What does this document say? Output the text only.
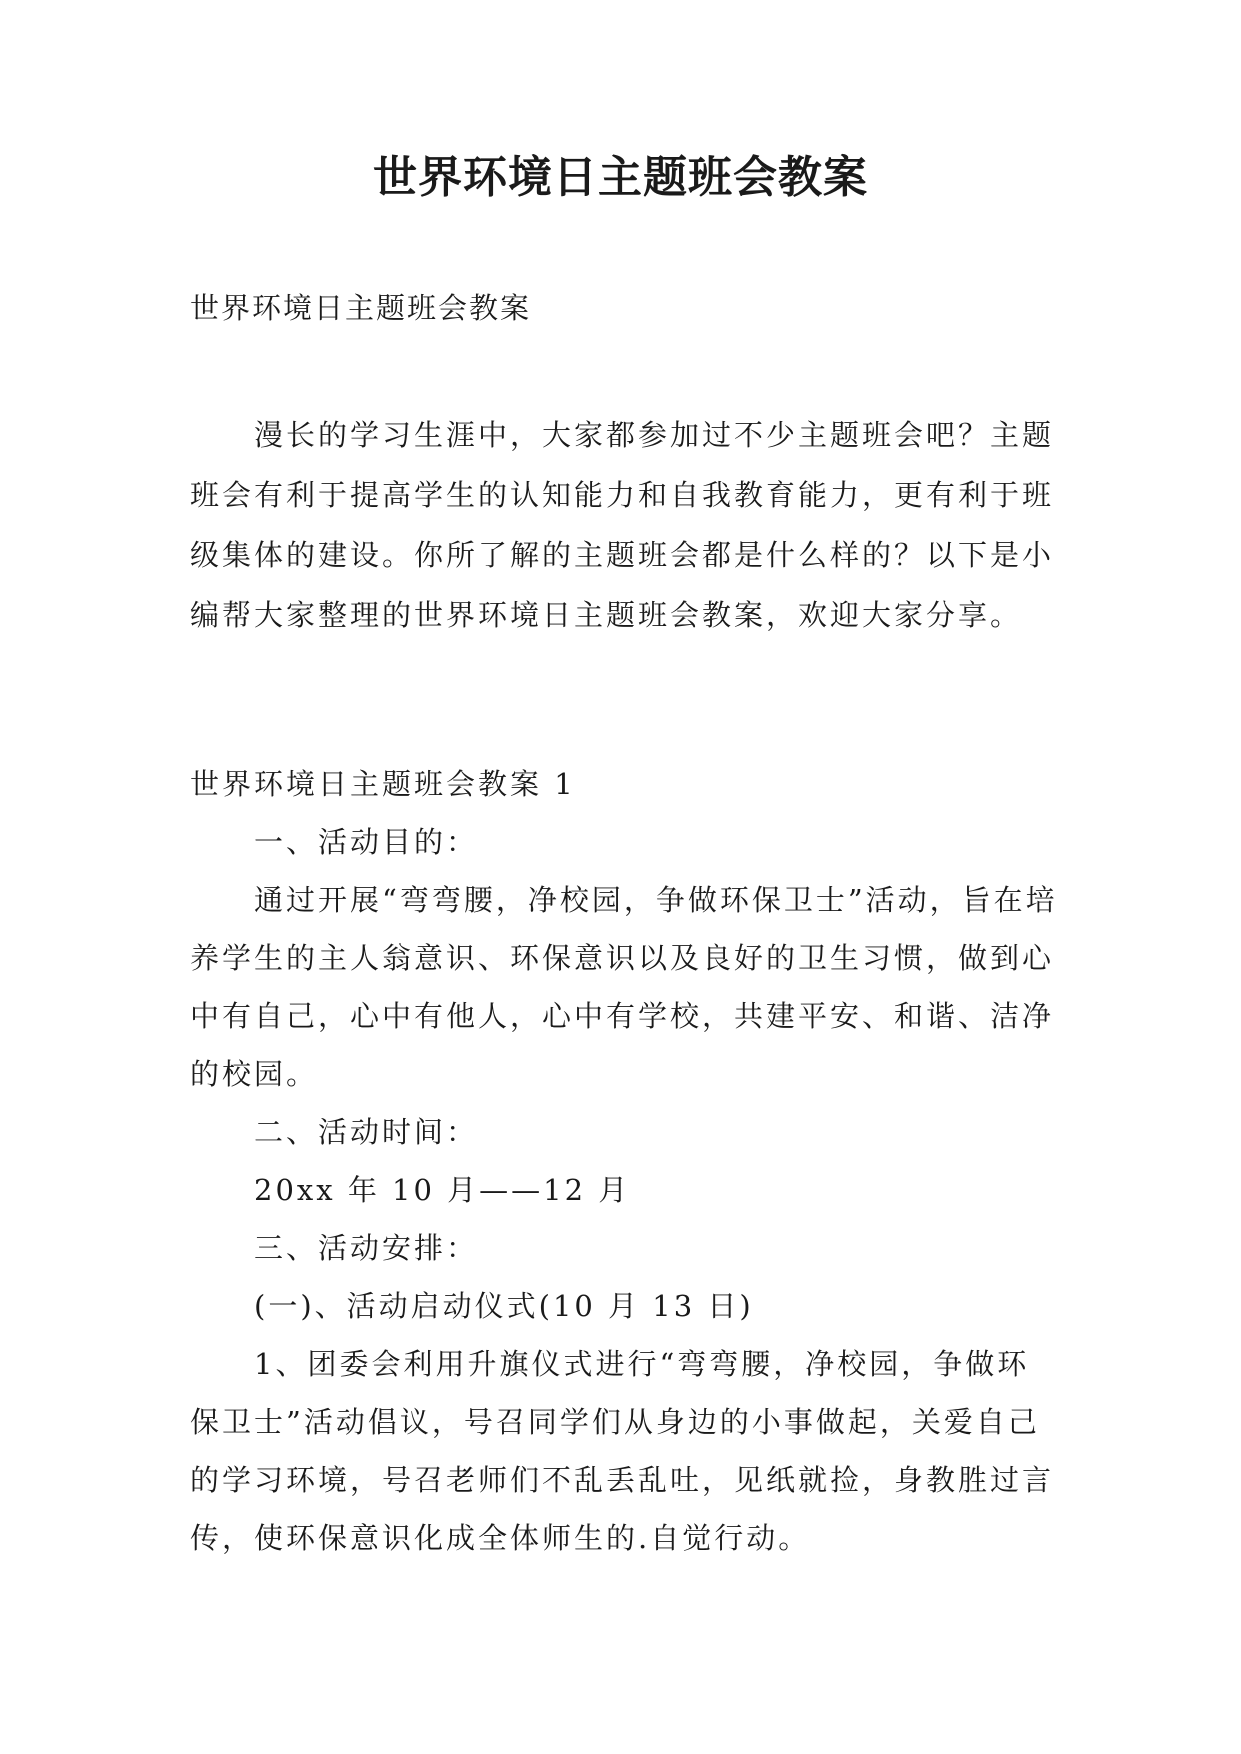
世界环境日主题班会教案
世界环境日主题班会教案

漫长的学习生涯中，大家都参加过不少主题班会吧？主题班会有利于提高学生的认知能力和自我教育能力，更有利于班级集体的建设。你所了解的主题班会都是什么样的？以下是小编帮大家整理的世界环境日主题班会教案，欢迎大家分享。

世界环境日主题班会教案 1

一、活动目的：

通过开展“弯弯腰，净校园，争做环保卫士”活动，旨在培养学生的主人翁意识、环保意识以及良好的卫生习惯，做到心中有自己，心中有他人，心中有学校，共建平安、和谐、洁净的校园。

二、活动时间：

20xx 年 10 月——12 月

三、活动安排：

(一)、活动启动仪式(10 月 13 日)

1、团委会利用升旗仪式进行“弯弯腰，净校园，争做环保卫士”活动倡议，号召同学们从身边的小事做起，关爱自己的学习环境，号召老师们不乱丢乱吐，见纸就捡，身教胜过言传，使环保意识化成全体师生的.自觉行动。
